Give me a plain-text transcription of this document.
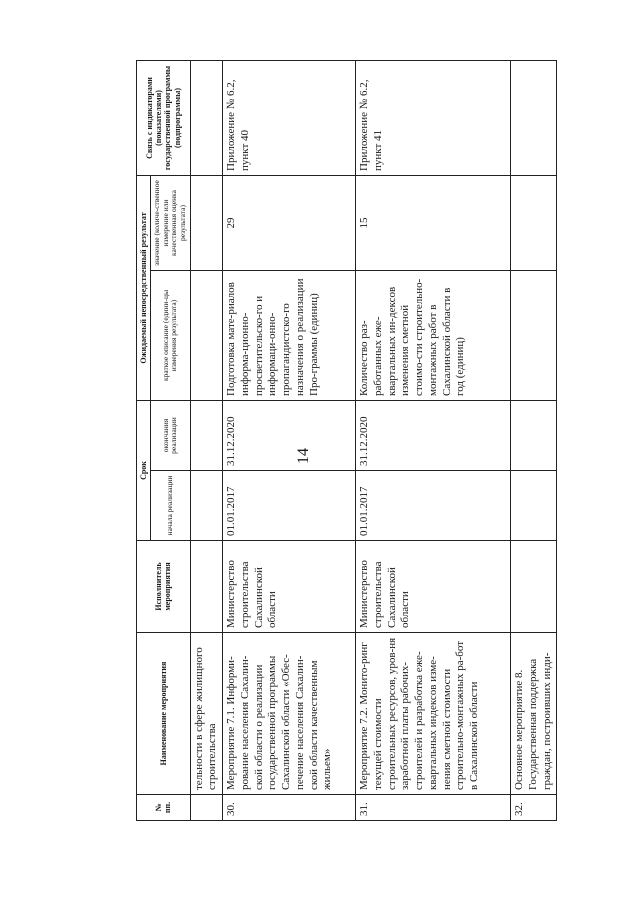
14
№ пп.	Наименование мероприятия	Исполнитель мероприятия	Срок		Ожидаемый непосредственный результат		Связь с индикаторами (показателями) государственной программы (подпрограммы)
			начала реализации	окончания реализации	краткое описание (едини-цы измерения результата)	значение (количе-ственное измерение или качественная оценка результата)	
	тельности в сфере жилищного строительства						
30.	Мероприятие 7.1. Информи-рование населения Сахалин-ской области о реализации государственной программы Сахалинской области «Обес-печение населения Сахалин-ской области качественным жильем»	Министерство строительства Сахалинской области	01.01.2017	31.12.2020	Подготовка мате-риалов информа-ционно-просветительско-го и информаци-онно-пропагандистско-го назначения о реализации Про-граммы (единиц)	29	Приложение № 6.2, пункт 40
31.	Мероприятие 7.2. Монито-ринг текущей стоимости строительных ресурсов, уров-ня заработной платы рабочих-строителей и разработка еже-квартальных индексов изме-нения сметной стоимости строительно-монтажных ра-бот в Сахалинской области	Министерство строительства Сахалинской области	01.01.2017	31.12.2020	Количество раз-работанных еже-квартальных ин-дексов изменения сметной стоимо-сти строительно-монтажных работ в Сахалинской области в год (единиц)	15	Приложение № 6.2, пункт 41
32.	Основное мероприятие 8. Государственная поддержка граждан, построивших инди-						
